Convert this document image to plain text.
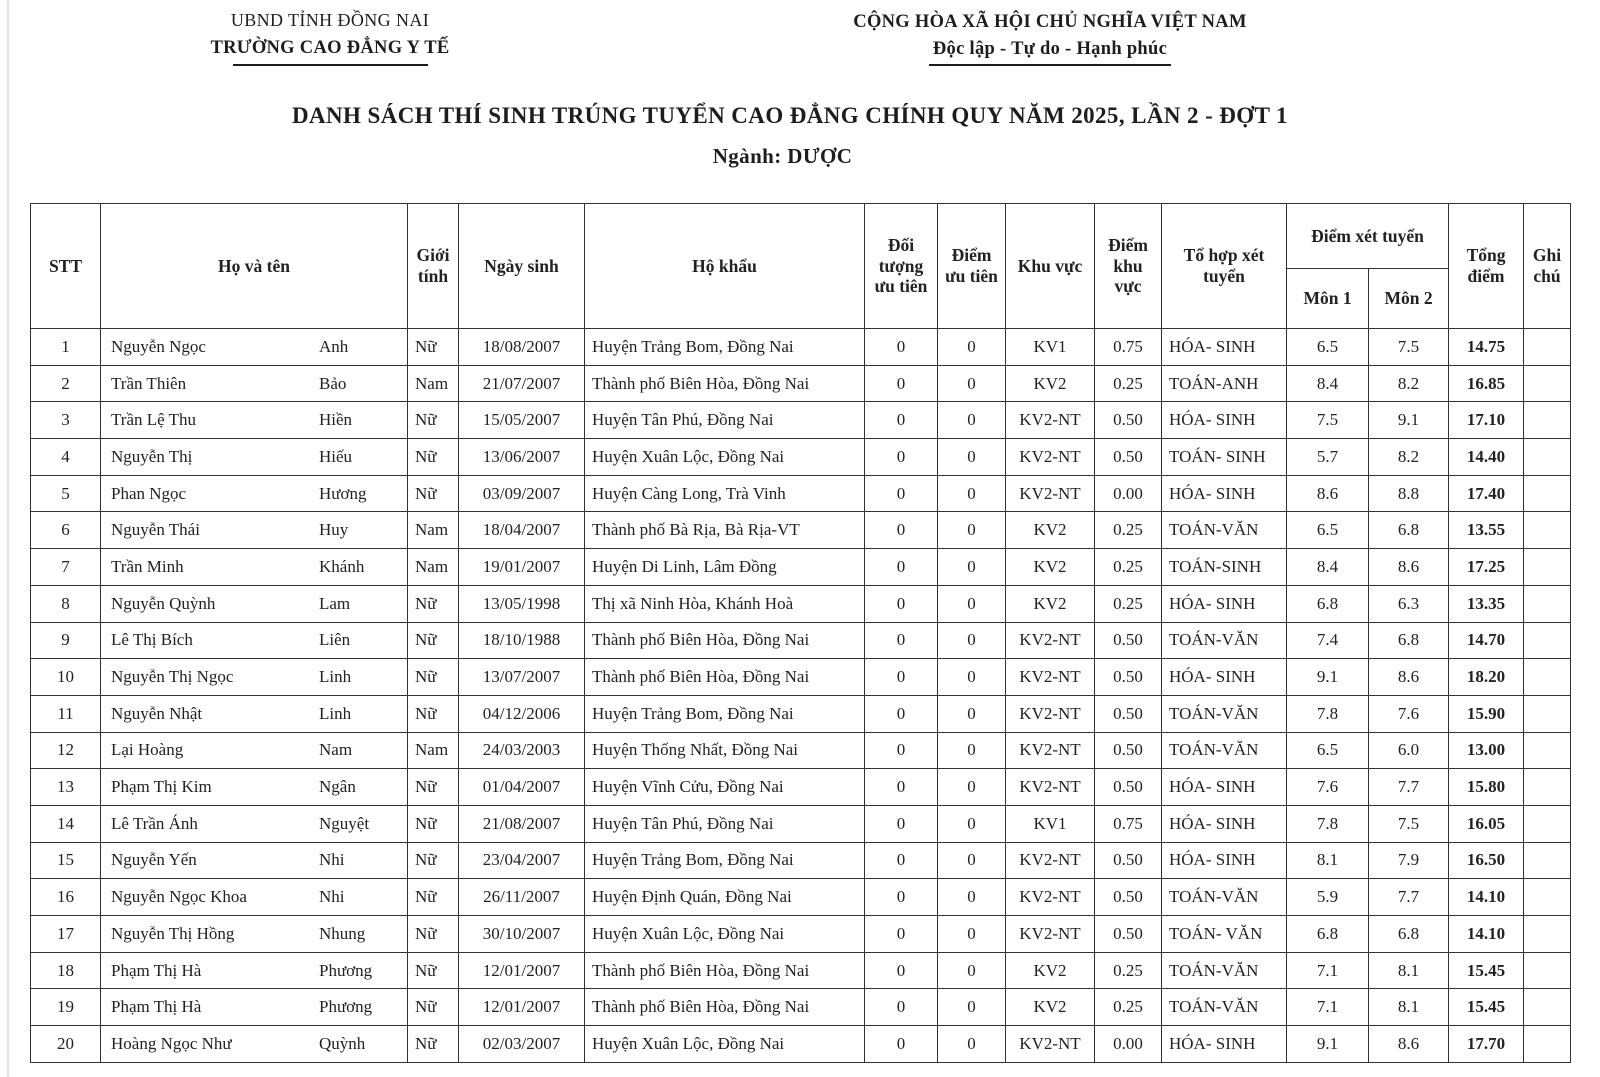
UBND TỈNH ĐỒNG NAI
TRƯỜNG CAO ĐẲNG Y TẾ
CỘNG HÒA XÃ HỘI CHỦ NGHĨA VIỆT NAM
Độc lập - Tự do - Hạnh phúc
DANH SÁCH THÍ SINH TRÚNG TUYỂN CAO ĐẲNG CHÍNH QUY NĂM 2025, LẦN 2 - ĐỢT 1
Ngành: DƯỢC
STT	Họ và tên	Giới tính	Ngày sinh	Hộ khẩu	Đối tượng ưu tiên	Điểm ưu tiên	Khu vực	Điểm khu vực	Tổ hợp xét tuyển	Điểm xét tuyển		Tổng điểm	Ghi chú
										Môn 1	Môn 2		
1	Nguyễn Ngọc Anh	Nữ	18/08/2007	Huyện Trảng Bom, Đồng Nai	0	0	KV1	0.75	HÓA- SINH	6.5	7.5	14.75	
2	Trần Thiên Bảo	Nam	21/07/2007	Thành phố Biên Hòa, Đồng Nai	0	0	KV2	0.25	TOÁN-ANH	8.4	8.2	16.85	
3	Trần Lệ Thu Hiền	Nữ	15/05/2007	Huyện Tân Phú, Đồng Nai	0	0	KV2-NT	0.50	HÓA- SINH	7.5	9.1	17.10	
4	Nguyễn Thị Hiếu	Nữ	13/06/2007	Huyện Xuân Lộc, Đồng Nai	0	0	KV2-NT	0.50	TOÁN- SINH	5.7	8.2	14.40	
5	Phan Ngọc Hương	Nữ	03/09/2007	Huyện Càng Long, Trà Vinh	0	0	KV2-NT	0.00	HÓA- SINH	8.6	8.8	17.40	
6	Nguyễn Thái Huy	Nam	18/04/2007	Thành phố Bà Rịa, Bà Rịa-VT	0	0	KV2	0.25	TOÁN-VĂN	6.5	6.8	13.55	
7	Trần Minh Khánh	Nam	19/01/2007	Huyện Di Linh, Lâm Đồng	0	0	KV2	0.25	TOÁN-SINH	8.4	8.6	17.25	
8	Nguyễn Quỳnh Lam	Nữ	13/05/1998	Thị xã Ninh Hòa, Khánh Hoà	0	0	KV2	0.25	HÓA- SINH	6.8	6.3	13.35	
9	Lê Thị Bích Liên	Nữ	18/10/1988	Thành phố Biên Hòa, Đồng Nai	0	0	KV2-NT	0.50	TOÁN-VĂN	7.4	6.8	14.70	
10	Nguyễn Thị Ngọc Linh	Nữ	13/07/2007	Thành phố Biên Hòa, Đồng Nai	0	0	KV2-NT	0.50	HÓA- SINH	9.1	8.6	18.20	
11	Nguyễn Nhật Linh	Nữ	04/12/2006	Huyện Trảng Bom, Đồng Nai	0	0	KV2-NT	0.50	TOÁN-VĂN	7.8	7.6	15.90	
12	Lại Hoàng Nam	Nam	24/03/2003	Huyện Thống Nhất, Đồng Nai	0	0	KV2-NT	0.50	TOÁN-VĂN	6.5	6.0	13.00	
13	Phạm Thị Kim Ngân	Nữ	01/04/2007	Huyện Vĩnh Cửu, Đồng Nai	0	0	KV2-NT	0.50	HÓA- SINH	7.6	7.7	15.80	
14	Lê Trần Ánh Nguyệt	Nữ	21/08/2007	Huyện Tân Phú, Đồng Nai	0	0	KV1	0.75	HÓA- SINH	7.8	7.5	16.05	
15	Nguyễn Yến Nhi	Nữ	23/04/2007	Huyện Trảng Bom, Đồng Nai	0	0	KV2-NT	0.50	HÓA- SINH	8.1	7.9	16.50	
16	Nguyễn Ngọc Khoa Nhi	Nữ	26/11/2007	Huyện Định Quán, Đồng Nai	0	0	KV2-NT	0.50	TOÁN-VĂN	5.9	7.7	14.10	
17	Nguyễn Thị Hồng Nhung	Nữ	30/10/2007	Huyện Xuân Lộc, Đồng Nai	0	0	KV2-NT	0.50	TOÁN- VĂN	6.8	6.8	14.10	
18	Phạm Thị Hà Phương	Nữ	12/01/2007	Thành phố Biên Hòa, Đồng Nai	0	0	KV2	0.25	TOÁN-VĂN	7.1	8.1	15.45	
19	Phạm Thị Hà Phương	Nữ	12/01/2007	Thành phố Biên Hòa, Đồng Nai	0	0	KV2	0.25	TOÁN-VĂN	7.1	8.1	15.45	
20	Hoàng Ngọc Như Quỳnh	Nữ	02/03/2007	Huyện Xuân Lộc, Đồng Nai	0	0	KV2-NT	0.00	HÓA- SINH	9.1	8.6	17.70	
